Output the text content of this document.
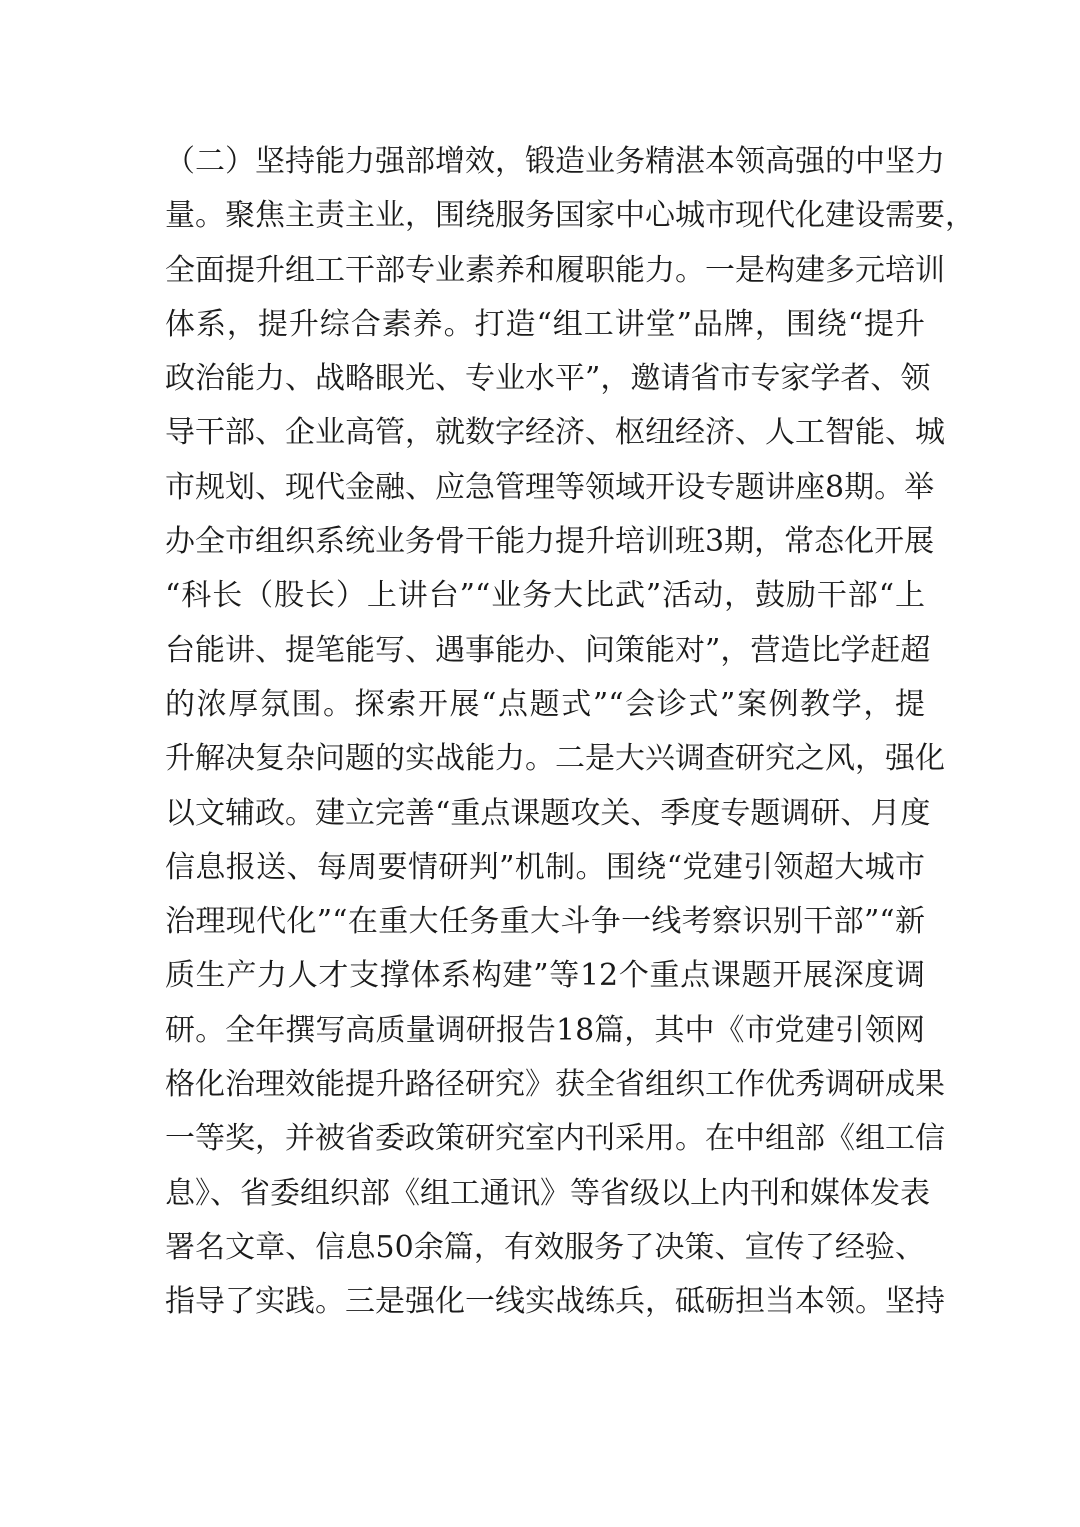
（二）坚持能力强部增效，锻造业务精湛本领高强的中坚力
量。聚焦主责主业，围绕服务国家中心城市现代化建设需要，
全面提升组工干部专业素养和履职能力。一是构建多元培训
体系，提升综合素养。打造“组工讲堂”品牌，围绕“提升
政治能力、战略眼光、专业水平”，邀请省市专家学者、领
导干部、企业高管，就数字经济、枢纽经济、人工智能、城
市规划、现代金融、应急管理等领域开设专题讲座8期。举
办全市组织系统业务骨干能力提升培训班3期，常态化开展
“科长（股长）上讲台”“业务大比武”活动，鼓励干部“上
台能讲、提笔能写、遇事能办、问策能对”，营造比学赶超
的浓厚氛围。探索开展“点题式”“会诊式”案例教学，提
升解决复杂问题的实战能力。二是大兴调查研究之风，强化
以文辅政。建立完善“重点课题攻关、季度专题调研、月度
信息报送、每周要情研判”机制。围绕“党建引领超大城市
治理现代化”“在重大任务重大斗争一线考察识别干部”“新
质生产力人才支撑体系构建”等12个重点课题开展深度调
研。全年撰写高质量调研报告18篇，其中《市党建引领网
格化治理效能提升路径研究》获全省组织工作优秀调研成果
一等奖，并被省委政策研究室内刊采用。在中组部《组工信
息》、省委组织部《组工通讯》等省级以上内刊和媒体发表
署名文章、信息50余篇，有效服务了决策、宣传了经验、
指导了实践。三是强化一线实战练兵，砥砺担当本领。坚持
